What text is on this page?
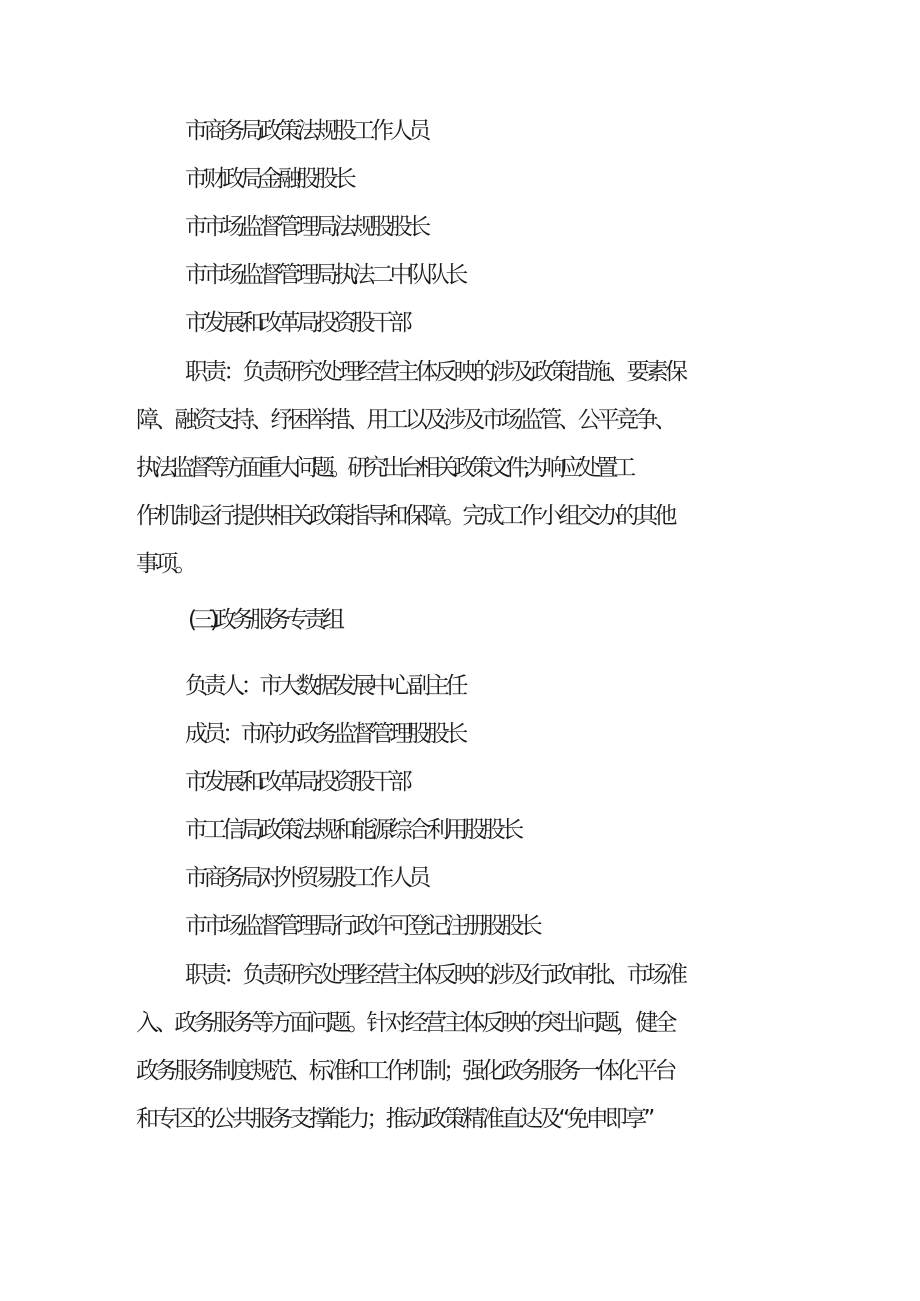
市商务局政策法规股工作人员
市财政局金融股股长
市市场监督管理局法规股股长
市市场监督管理局执法二中队队长
市发展和改革局投资股干部
职责：负责研究处理经营主体反映的涉及政策措施、要素保
障、融资支持、纾困举措、用工以及涉及市场监管、公平竞争、
执法监督等方面重大问题。研究出台相关政策文件,为响应处置工
作机制运行提供相关政策指导和保障。完成工作小组交办的其他
事项。
(三)政务服务专责组
负责人：市大数据发展中心副主任
成员：市府办政务监督管理股股长
市发展和改革局投资股干部
市工信局政策法规和能源综合利用股股长
市商务局对外贸易股工作人员
市市场监督管理局行政许可登记注册股股长
职责：负责研究处理经营主体反映的涉及行政审批、市场准
入、政务服务等方面问题。针对经营主体反映的突出问题，健全
政务服务制度规范、标准和工作机制；强化政务服务一体化平台
和专区的公共服务支撑能力；推动政策精准直达及“免申即享”
